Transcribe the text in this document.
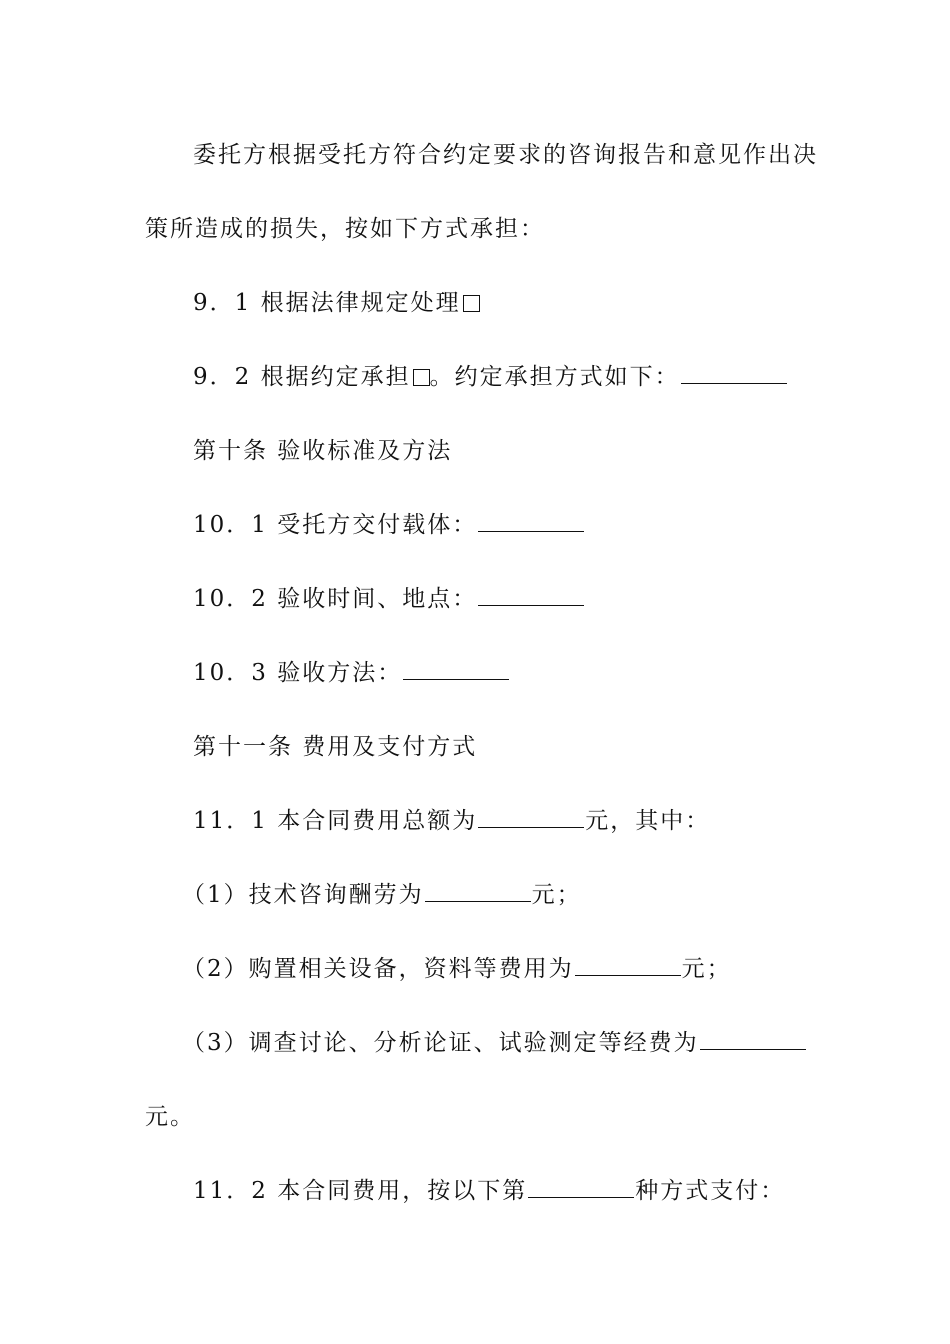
委托方根据受托方符合约定要求的咨询报告和意见作出决
策所造成的损失，按如下方式承担：
9．1 根据法律规定处理
9．2 根据约定承担 。约定承担方式如下：
第十条 验收标准及方法
10．1 受托方交付载体：
10．2 验收时间、地点：
10．3 验收方法：
第十一条 费用及支付方式
11．1 本合同费用总额为	元，其中：
（1）技术咨询酬劳为	元；
（2）购置相关设备，资料等费用为	元；
（3）调查讨论、分析论证、试验测定等经费为
元。
11．2 本合同费用，按以下第	种方式支付：
